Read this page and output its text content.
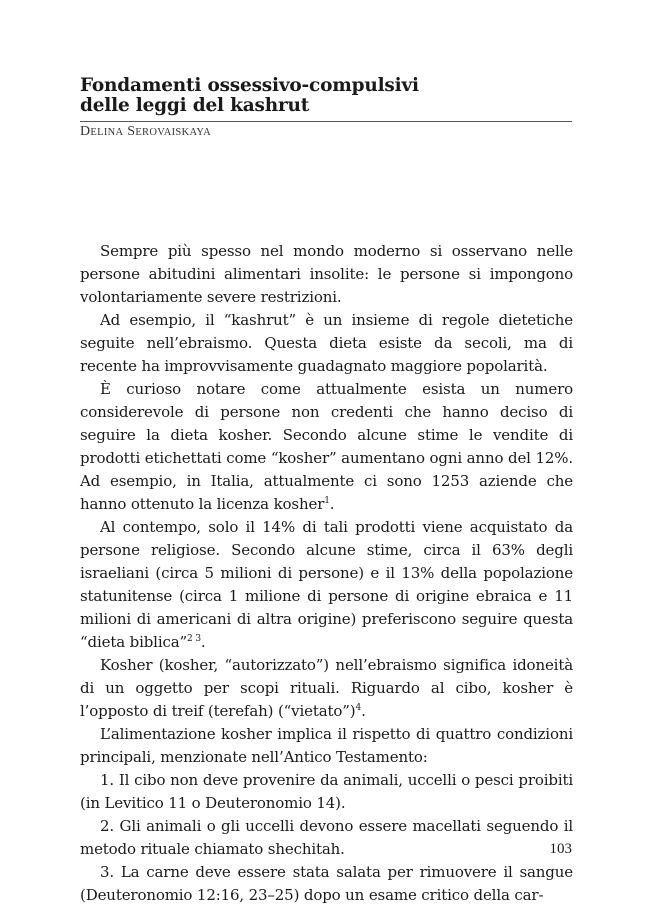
Fondamenti ossessivo-compulsivi
delle leggi del kashrut
DELINA SEROVAISKAYA

Sempre più spesso nel mondo moderno si osservano nelle persone abitudini alimentari insolite: le persone si impongono volontariamente severe restrizioni.

Ad esempio, il “kashrut” è un insieme di regole dietetiche seguite nell’ebraismo. Questa dieta esiste da secoli, ma di recente ha improvvisamente guadagnato maggiore popolarità.

È curioso notare come attualmente esista un numero considerevole di persone non credenti che hanno deciso di seguire la dieta kosher. Secondo alcune stime le vendite di prodotti etichettati come “kosher” aumentano ogni anno del 12%. Ad esempio, in Italia, attualmente ci sono 1253 aziende che hanno ottenuto la licenza kosher$^1$.

Al contempo, solo il 14% di tali prodotti viene acquistato da persone religiose. Secondo alcune stime, circa il 63% degli israeliani (circa 5 milioni di persone) e il 13% della popolazione statunitense (circa 1 milione di persone di origine ebraica e 11 milioni di americani di altra origine) preferiscono seguire questa “dieta biblica”$^{2 3}$.

Kosher (kosher, “autorizzato”) nell’ebraismo significa idoneità di un oggetto per scopi rituali. Riguardo al cibo, kosher è l’opposto di treif (terefah) (“vietato”)$^4$.

L’alimentazione kosher implica il rispetto di quattro condizioni principali, menzionate nell’Antico Testamento:

1. Il cibo non deve provenire da animali, uccelli o pesci proibiti (in Levitico 11 o Deuteronomio 14).

2. Gli animali o gli uccelli devono essere macellati seguendo il metodo rituale chiamato shechitah.

3. La carne deve essere stata salata per rimuovere il sangue (Deuteronomio 12:16, 23–25) dopo un esame critico della car-

103
